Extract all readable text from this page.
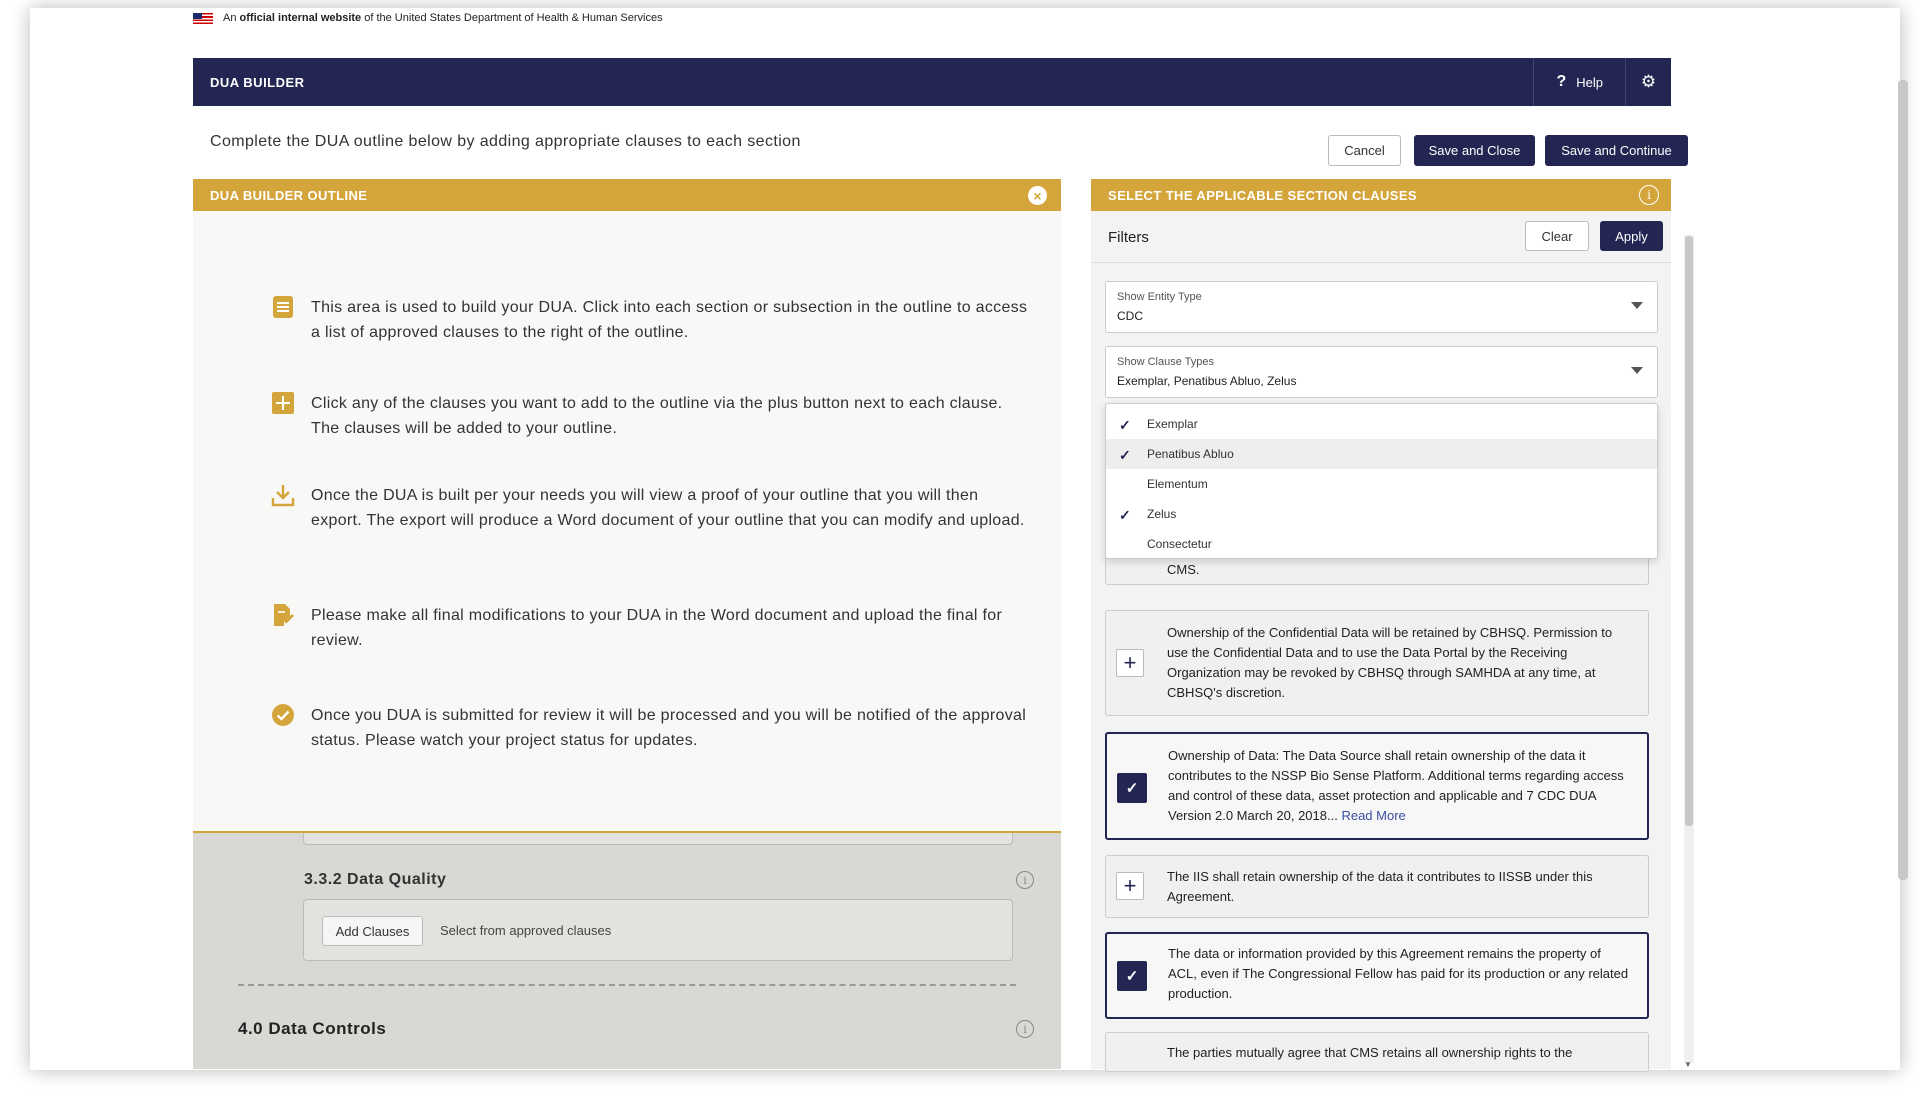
An official internal website of the United States Department of Health & Human Services
DUA BUILDER	? Help	⚙
Complete the DUA outline below by adding appropriate clauses to each section
Cancel	Save and Close	Save and Continue
DUA BUILDER OUTLINE	×
3.3.2 Data Quality	i
Add Clauses	Select from approved clauses
4.0 Data Controls	i
This area is used to build your DUA. Click into each section or subsection in the outline to access a list of approved clauses to the right of the outline.
Click any of the clauses you want to add to the outline via the plus button next to each clause. The clauses will be added to your outline.
Once the DUA is built per your needs you will view a proof of your outline that you will then export. The export will produce a Word document of your outline that you can modify and upload.
Please make all final modifications to your DUA in the Word document and upload the final for review.
Once you DUA is submitted for review it will be processed and you will be notified of the approval status. Please watch your project status for updates.
SELECT THE APPLICABLE SECTION CLAUSES	i
Filters	Clear	Apply
Show Entity Type
CDC
Show Clause Types
Exemplar, Penatibus Abluo, Zelus
✓ Exemplar
✓ Penatibus Abluo
Elementum
✓ Zelus
Consectetur
CMS.
+
Ownership of the Confidential Data will be retained by CBHSQ. Permission to use the Confidential Data and to use the Data Portal by the Receiving Organization may be revoked by CBHSQ through SAMHDA at any time, at CBHSQ's discretion.
✓
Ownership of Data: The Data Source shall retain ownership of the data it contributes to the NSSP Bio Sense Platform. Additional terms regarding access and control of these data, asset protection and applicable and 7 CDC DUA Version 2.0 March 20, 2018... Read More
+	The IIS shall retain ownership of the data it contributes to IISSB under this Agreement.
✓
The data or information provided by this Agreement remains the property of ACL, even if The Congressional Fellow has paid for its production or any related production.
The parties mutually agree that CMS retains all ownership rights to the
▼
